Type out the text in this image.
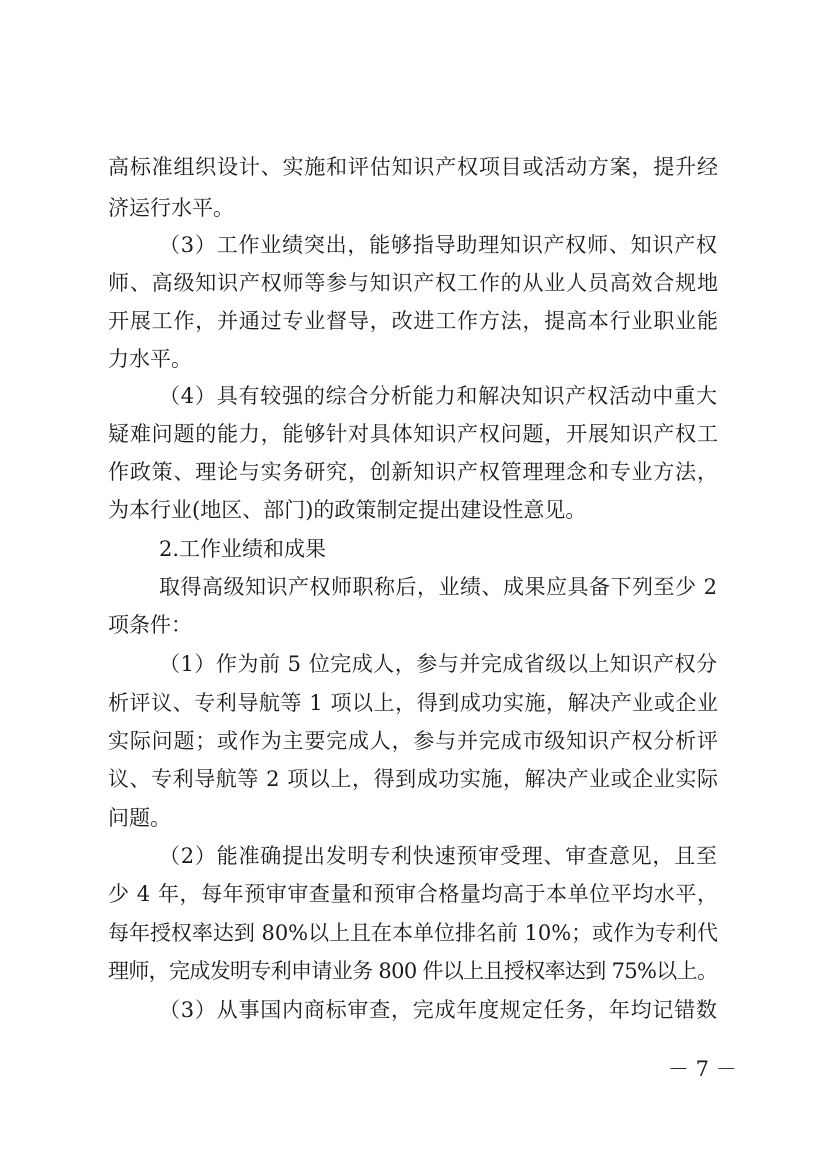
高标准组织设计、实施和评估知识产权项目或活动方案，提升经
济运行水平。
（3）工作业绩突出，能够指导助理知识产权师、知识产权
师、高级知识产权师等参与知识产权工作的从业人员高效合规地
开展工作，并通过专业督导，改进工作方法，提高本行业职业能
力水平。
（4）具有较强的综合分析能力和解决知识产权活动中重大
疑难问题的能力，能够针对具体知识产权问题，开展知识产权工
作政策、理论与实务研究，创新知识产权管理理念和专业方法，
为本行业(地区、部门)的政策制定提出建设性意见。
2.工作业绩和成果
取得高级知识产权师职称后，业绩、成果应具备下列至少 2
项条件：
（1）作为前 5 位完成人，参与并完成省级以上知识产权分
析评议、专利导航等 1 项以上，得到成功实施，解决产业或企业
实际问题；或作为主要完成人，参与并完成市级知识产权分析评
议、专利导航等 2 项以上，得到成功实施，解决产业或企业实际
问题。
（2）能准确提出发明专利快速预审受理、审查意见，且至
少 4 年，每年预审审查量和预审合格量均高于本单位平均水平，
每年授权率达到 80%以上且在本单位排名前 10%；或作为专利代
理师，完成发明专利申请业务 800 件以上且授权率达到 75%以上。
（3）从事国内商标审查，完成年度规定任务，年均记错数
－ 7 －
